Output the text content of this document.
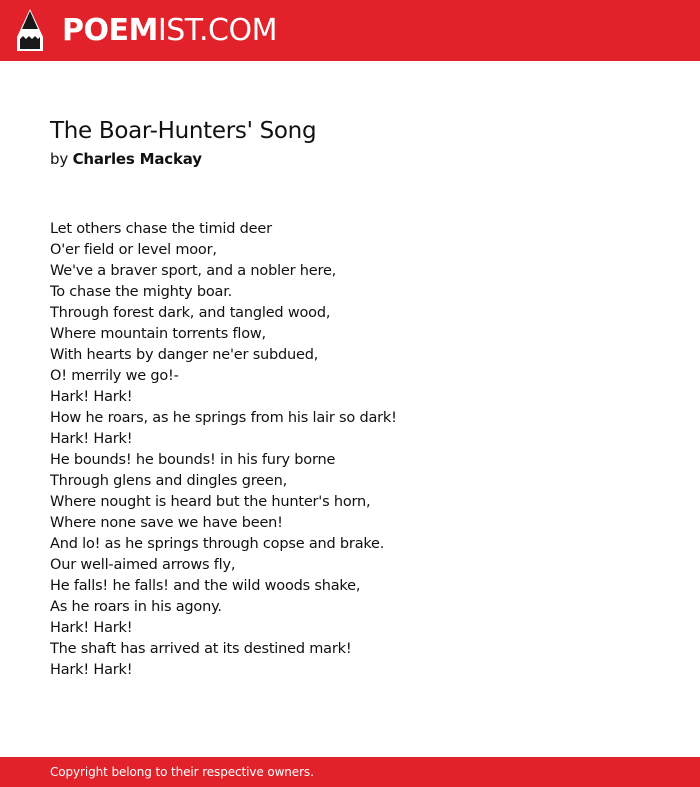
POEMIST.COM
The Boar-Hunters' Song
by Charles Mackay
Let others chase the timid deer
O'er field or level moor,
We've a braver sport, and a nobler here,
To chase the mighty boar.
Through forest dark, and tangled wood,
Where mountain torrents flow,
With hearts by danger ne'er subdued,
O! merrily we go!-
Hark! Hark!
How he roars, as he springs from his lair so dark!
Hark! Hark!
He bounds! he bounds! in his fury borne
Through glens and dingles green,
Where nought is heard but the hunter's horn,
Where none save we have been!
And lo! as he springs through copse and brake.
Our well-aimed arrows fly,
He falls! he falls! and the wild woods shake,
As he roars in his agony.
Hark! Hark!
The shaft has arrived at its destined mark!
Hark! Hark!
Copyright belong to their respective owners.
